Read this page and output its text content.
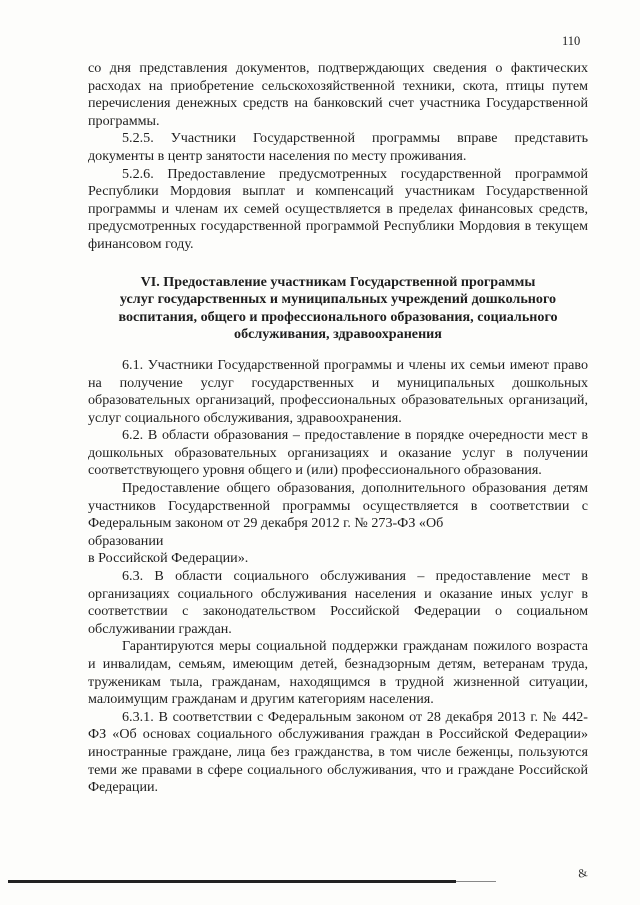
110

со дня представления документов, подтверждающих сведения о фактических расходах на приобретение сельскохозяйственной техники, скота, птицы путем перечисления денежных средств на банковский счет участника Государственной программы.

5.2.5. Участники Государственной программы вправе представить документы в центр занятости населения по месту проживания.

5.2.6. Предоставление предусмотренных государственной программой Республики Мордовия выплат и компенсаций участникам Государственной программы и членам их семей осуществляется в пределах финансовых средств, предусмотренных государственной программой Республики Мордовия в текущем финансовом году.

VI. Предоставление участникам Государственной программы
услуг государственных и муниципальных учреждений дошкольного
воспитания, общего и профессионального образования, социального
обслуживания, здравоохранения

6.1. Участники Государственной программы и члены их семьи имеют право на получение услуг государственных и муниципальных дошкольных образовательных организаций, профессиональных образовательных организаций, услуг социального обслуживания, здравоохранения.

6.2. В области образования – предоставление в порядке очередности мест в дошкольных образовательных организациях и оказание услуг в получении соответствующего уровня общего и (или) профессионального образования.

Предоставление общего образования, дополнительного образования детям участников Государственной программы осуществляется в соответствии с Федеральным законом от 29 декабря 2012 г. № 273-ФЗ «Об

образовании

в Российской Федерации».

6.3. В области социального обслуживания – предоставление мест в организациях социального обслуживания населения и оказание иных услуг в соответствии с законодательством Российской Федерации о социальном обслуживании граждан.

Гарантируются меры социальной поддержки гражданам пожилого возраста и инвалидам, семьям, имеющим детей, безнадзорным детям, ветеранам труда, труженикам тыла, гражданам, находящимся в трудной жизненной ситуации, малоимущим гражданам и другим категориям населения.

6.3.1. В соответствии с Федеральным законом от 28 декабря 2013 г. № 442-ФЗ «Об основах социального обслуживания граждан в Российской Федерации» иностранные граждане, лица без гражданства, в том числе беженцы, пользуются теми же правами в сфере социального обслуживания, что и граждане Российской Федерации.

&
